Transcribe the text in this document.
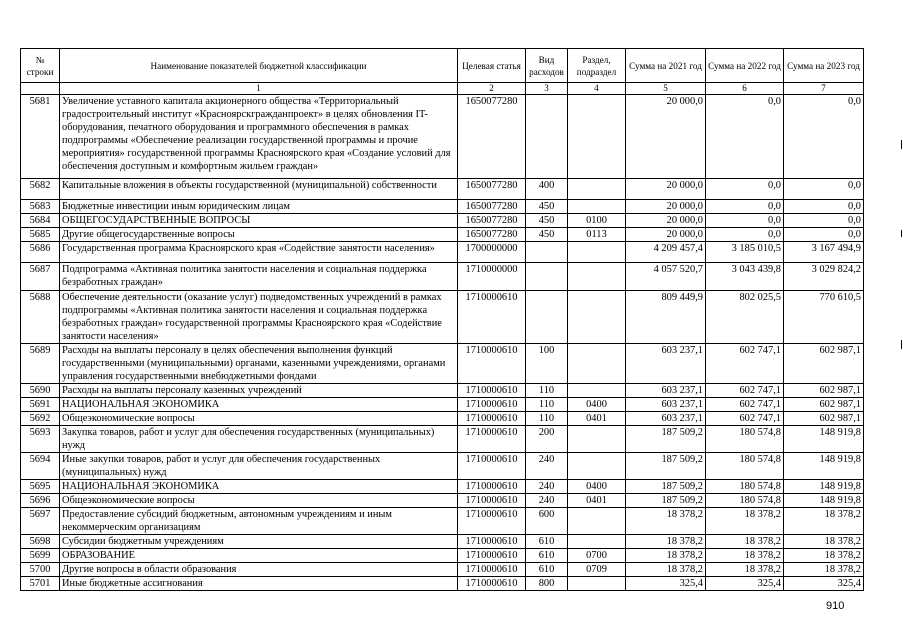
№ строки	Наименование показателей бюджетной классификации	Целевая статья	Вид расходов	Раздел, подраздел	Сумма на 2021 год	Сумма на 2022 год	Сумма на 2023 год
	1	2	3	4	5	6	7
5681	Увеличение уставного капитала акционерного общества «Территориальный градостроительный институт «Красноярскгражданпроект» в целях обновления IT-оборудования, печатного оборудования и программного обеспечения в рамках подпрограммы «Обеспечение реализации государственной программы и прочие мероприятия» государственной программы Красноярского края «Создание условий для обеспечения доступным и комфортным жильем граждан»	1650077280			20 000,0	0,0	0,0
5682	Капитальные вложения в объекты государственной (муниципальной) собственности	1650077280	400		20 000,0	0,0	0,0
5683	Бюджетные инвестиции иным юридическим лицам	1650077280	450		20 000,0	0,0	0,0
5684	ОБЩЕГОСУДАРСТВЕННЫЕ ВОПРОСЫ	1650077280	450	0100	20 000,0	0,0	0,0
5685	Другие общегосударственные вопросы	1650077280	450	0113	20 000,0	0,0	0,0
5686	Государственная программа Красноярского края «Содействие занятости населения»	1700000000			4 209 457,4	3 185 010,5	3 167 494,9
5687	Подпрограмма «Активная политика занятости населения и социальная поддержка безработных граждан»	1710000000			4 057 520,7	3 043 439,8	3 029 824,2
5688	Обеспечение деятельности (оказание услуг) подведомственных учреждений в рамках подпрограммы «Активная политика занятости населения и социальная поддержка безработных граждан» государственной программы Красноярского края «Содействие занятости населения»	1710000610			809 449,9	802 025,5	770 610,5
5689	Расходы на выплаты персоналу в целях обеспечения выполнения функций государственными (муниципальными) органами, казенными учреждениями, органами управления государственными внебюджетными фондами	1710000610	100		603 237,1	602 747,1	602 987,1
5690	Расходы на выплаты персоналу казенных учреждений	1710000610	110		603 237,1	602 747,1	602 987,1
5691	НАЦИОНАЛЬНАЯ ЭКОНОМИКА	1710000610	110	0400	603 237,1	602 747,1	602 987,1
5692	Общеэкономические вопросы	1710000610	110	0401	603 237,1	602 747,1	602 987,1
5693	Закупка товаров, работ и услуг для обеспечения государственных (муниципальных) нужд	1710000610	200		187 509,2	180 574,8	148 919,8
5694	Иные закупки товаров, работ и услуг для обеспечения государственных (муниципальных) нужд	1710000610	240		187 509,2	180 574,8	148 919,8
5695	НАЦИОНАЛЬНАЯ ЭКОНОМИКА	1710000610	240	0400	187 509,2	180 574,8	148 919,8
5696	Общеэкономические вопросы	1710000610	240	0401	187 509,2	180 574,8	148 919,8
5697	Предоставление субсидий бюджетным, автономным учреждениям и иным некоммерческим организациям	1710000610	600		18 378,2	18 378,2	18 378,2
5698	Субсидии бюджетным учреждениям	1710000610	610		18 378,2	18 378,2	18 378,2
5699	ОБРАЗОВАНИЕ	1710000610	610	0700	18 378,2	18 378,2	18 378,2
5700	Другие вопросы в области образования	1710000610	610	0709	18 378,2	18 378,2	18 378,2
5701	Иные бюджетные ассигнования	1710000610	800		325,4	325,4	325,4
910
